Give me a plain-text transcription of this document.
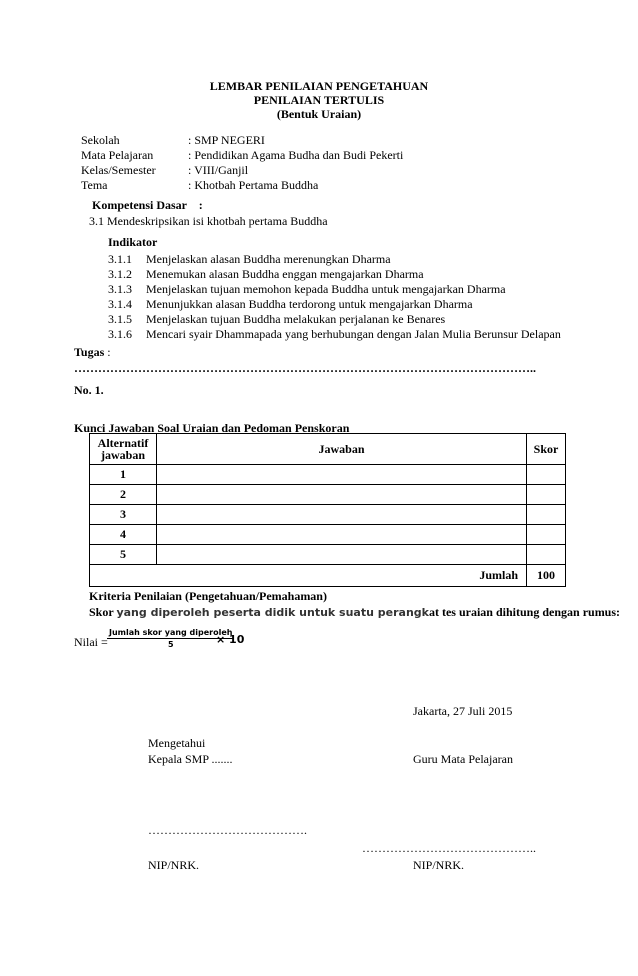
LEMBAR PENILAIAN PENGETAHUAN
PENILAIAN TERTULIS
(Bentuk Uraian)
Sekolah	: SMP NEGERI
Mata Pelajaran	: Pendidikan Agama Budha dan Budi Pekerti
Kelas/Semester	: VIII/Ganjil
Tema	: Khotbah Pertama Buddha
Kompetensi Dasar    :
3.1 Mendeskripsikan isi khotbah pertama Buddha
Indikator
3.1.1 Menjelaskan alasan Buddha merenungkan Dharma
3.1.2 Menemukan alasan Buddha enggan mengajarkan Dharma
3.1.3 Menjelaskan tujuan memohon kepada Buddha untuk mengajarkan Dharma
3.1.4 Menunjukkan alasan Buddha terdorong untuk mengajarkan Dharma
3.1.5 Menjelaskan tujuan Buddha melakukan perjalanan ke Benares
3.1.6 Mencari syair Dhammapada yang berhubungan dengan Jalan Mulia Berunsur Delapan
Tugas :
……………………………………………………………………………………………………..
No. 1.
Kunci Jawaban Soal Uraian dan Pedoman Penskoran
Alternatif
jawaban	Jawaban	Skor
1		
2		
3		
4		
5		
Jumlah		100
Kriteria Penilaian (Pengetahuan/Pemahaman)
Skor yang diperoleh peserta didik untuk suatu perangkat tes uraian dihitung dengan rumus:
Nilai =
Jumlah skor yang diperoleh
5	× 10
Jakarta, 27 Juli 2015
Mengetahui
Kepala SMP .......	Guru Mata Pelajaran
………………………………….
……………………………………..
NIP/NRK.	NIP/NRK.
